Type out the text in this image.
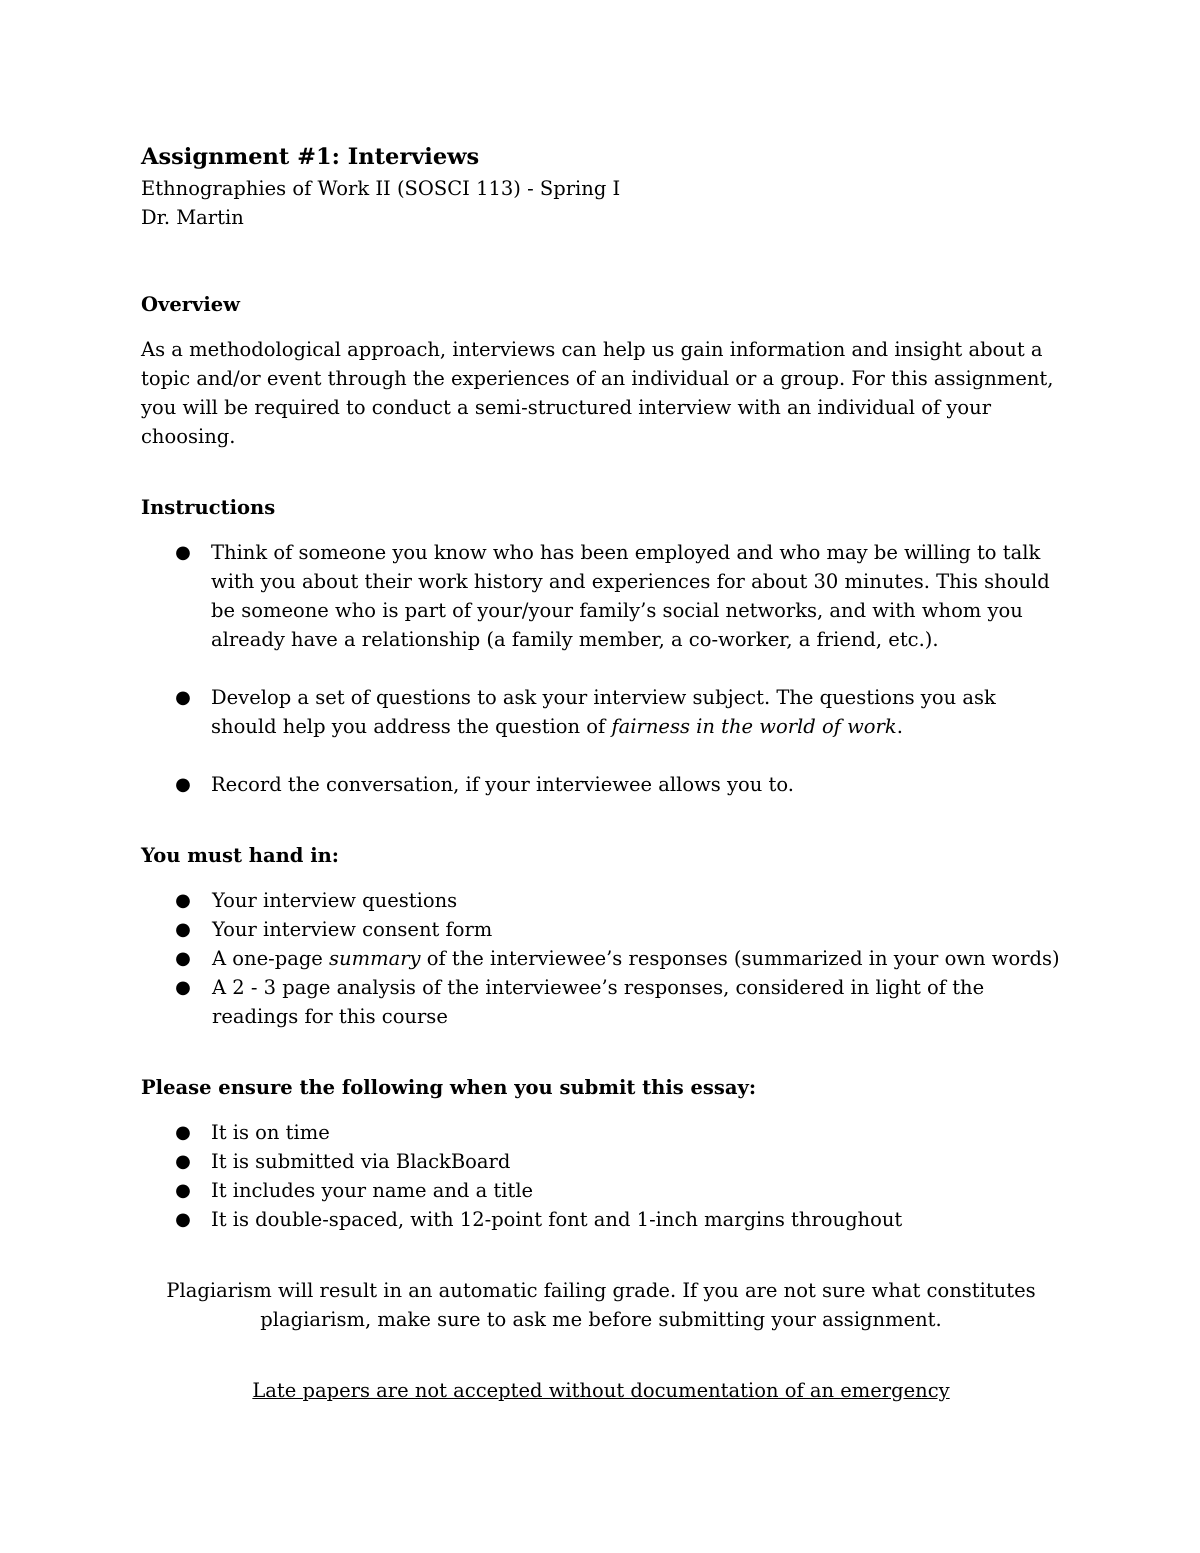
Assignment #1: Interviews

Ethnographies of Work II (SOSCI 113) - Spring I

Dr. Martin

Overview

As a methodological approach, interviews can help us gain information and insight about a topic and/or event through the experiences of an individual or a group. For this assignment, you will be required to conduct a semi-structured interview with an individual of your choosing.

Instructions

● Think of someone you know who has been employed and who may be willing to talk with you about their work history and experiences for about 30 minutes. This should be someone who is part of your/your family’s social networks, and with whom you already have a relationship (a family member, a co-worker, a friend, etc.).
● Develop a set of questions to ask your interview subject. The questions you ask should help you address the question of fairness in the world of work.
● Record the conversation, if your interviewee allows you to.

You must hand in:

● Your interview questions
● Your interview consent form
● A one-page summary of the interviewee’s responses (summarized in your own words)
● A 2 - 3 page analysis of the interviewee’s responses, considered in light of the readings for this course

Please ensure the following when you submit this essay:

● It is on time
● It is submitted via BlackBoard
● It includes your name and a title
● It is double-spaced, with 12-point font and 1-inch margins throughout

Plagiarism will result in an automatic failing grade. If you are not sure what constitutes plagiarism, make sure to ask me before submitting your assignment.

Late papers are not accepted without documentation of an emergency
